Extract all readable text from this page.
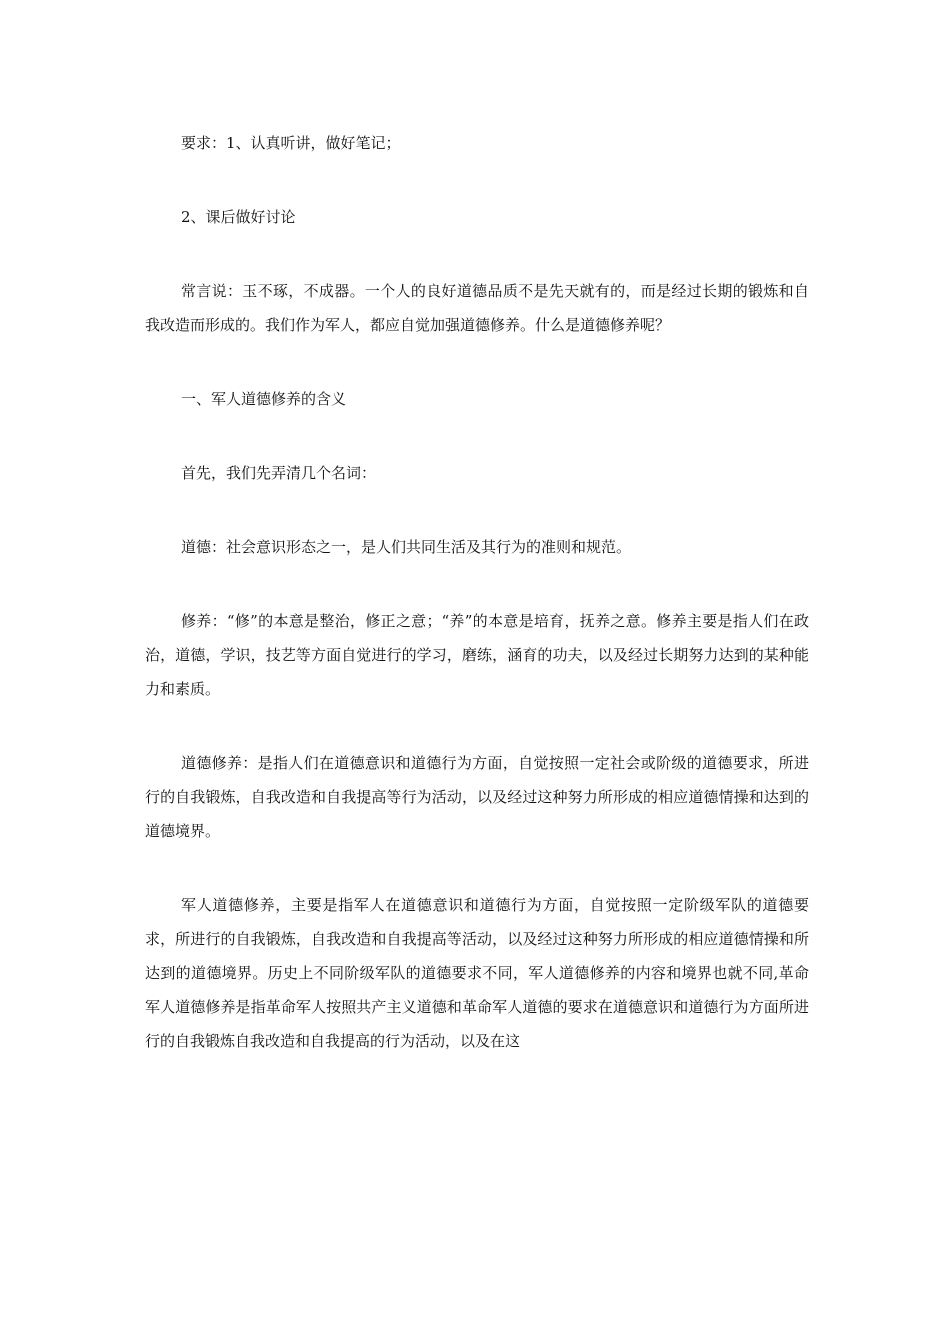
要求：1、认真听讲，做好笔记；

2、课后做好讨论

常言说：玉不琢，不成器。一个人的良好道德品质不是先天就有的，而是经过长期的锻炼和自我改造而形成的。我们作为军人，都应自觉加强道德修养。什么是道德修养呢？

一、军人道德修养的含义

首先，我们先弄清几个名词：

道德：社会意识形态之一，是人们共同生活及其行为的准则和规范。

修养：“修”的本意是整治，修正之意；“养”的本意是培育，抚养之意。修养主要是指人们在政治，道德，学识，技艺等方面自觉进行的学习，磨练，涵育的功夫，以及经过长期努力达到的某种能力和素质。

道德修养：是指人们在道德意识和道德行为方面，自觉按照一定社会或阶级的道德要求，所进行的自我锻炼，自我改造和自我提高等行为活动，以及经过这种努力所形成的相应道德情操和达到的道德境界。

军人道德修养，主要是指军人在道德意识和道德行为方面，自觉按照一定阶级军队的道德要求，所进行的自我锻炼，自我改造和自我提高等活动，以及经过这种努力所形成的相应道德情操和所达到的道德境界。历史上不同阶级军队的道德要求不同，军人道德修养的内容和境界也就不同,革命军人道德修养是指革命军人按照共产主义道德和革命军人道德的要求在道德意识和道德行为方面所进行的自我锻炼自我改造和自我提高的行为活动，以及在这
